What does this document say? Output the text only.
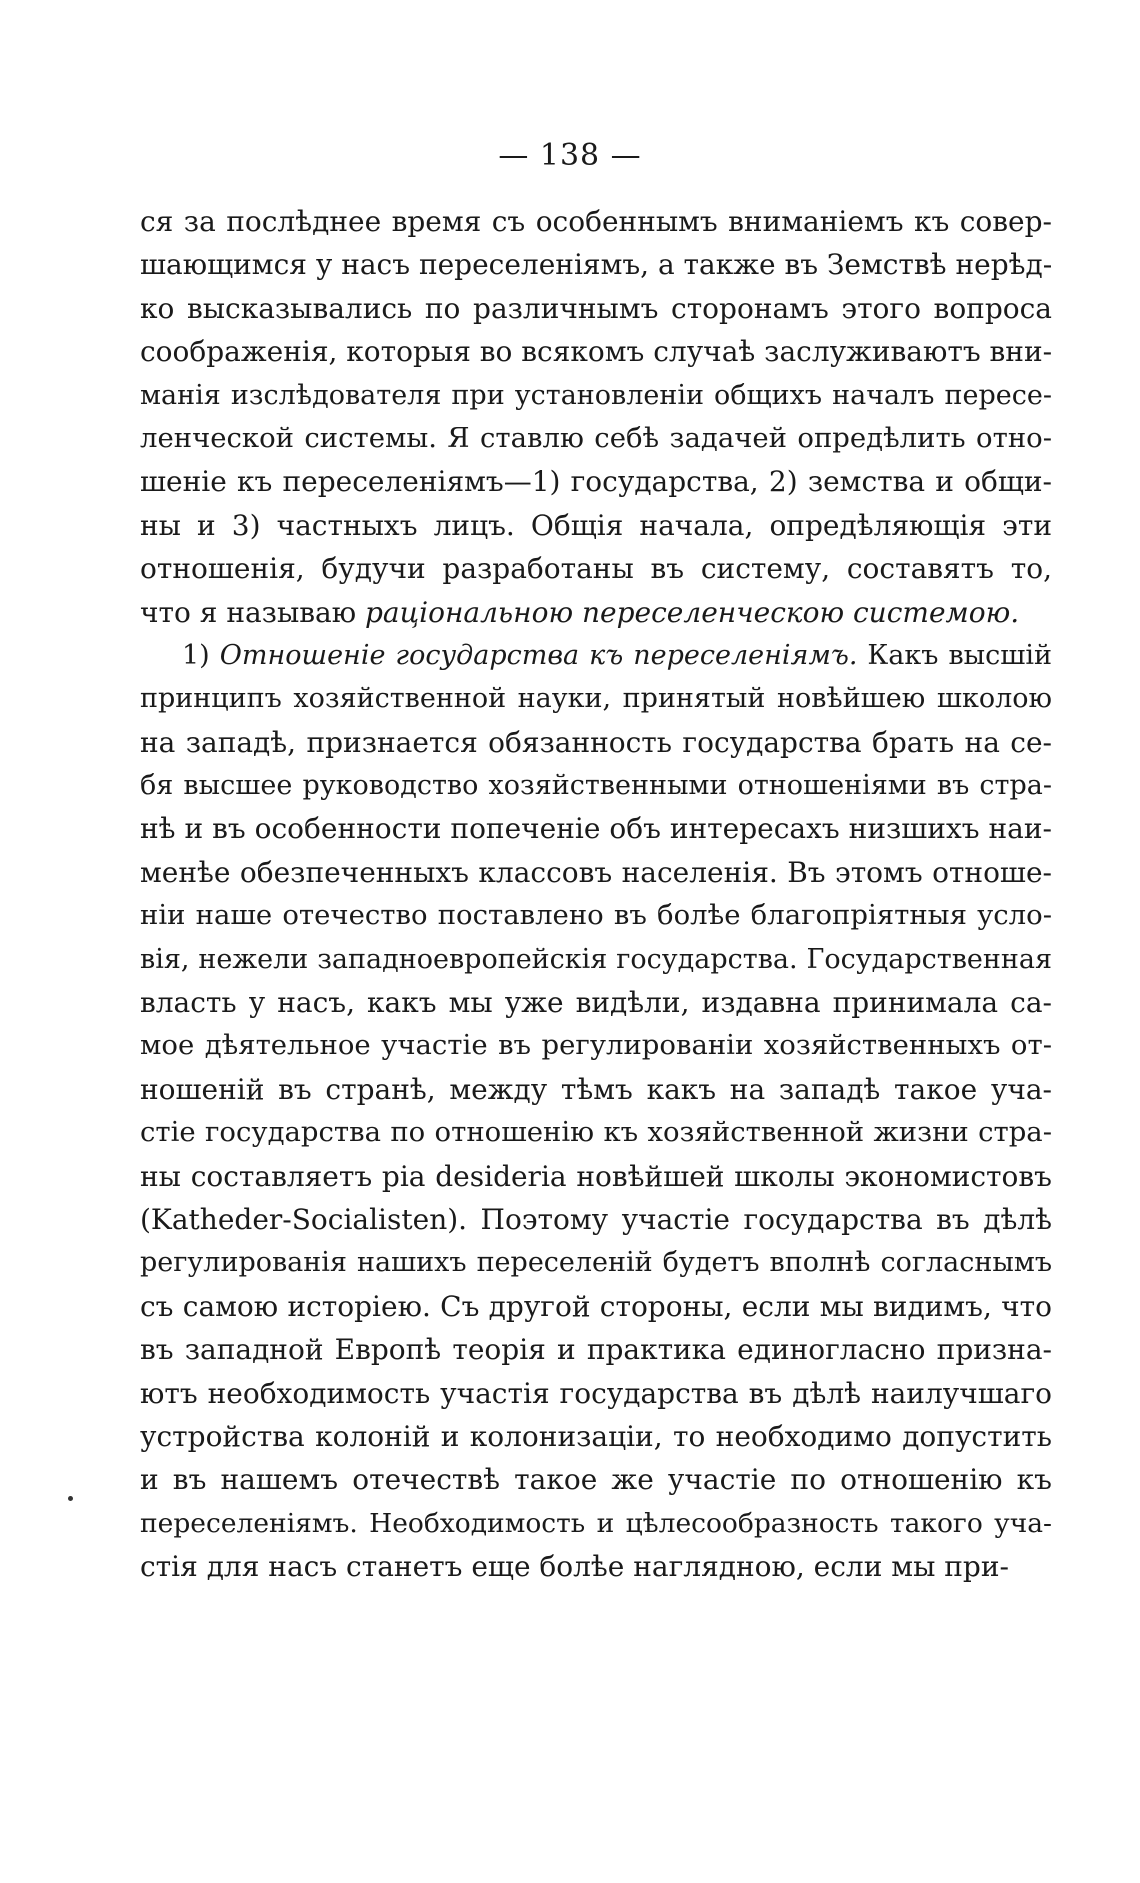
— 138 —
ся за послѣднее время съ особеннымъ вниманіемъ къ совер-
шающимся у насъ переселеніямъ, а также въ Земствѣ нерѣд-
ко высказывались по различнымъ сторонамъ этого вопроса
соображенія, которыя во всякомъ случаѣ заслуживаютъ вни-
манія изслѣдователя при установленіи общихъ началъ пересе-
ленческой системы. Я ставлю себѣ задачей опредѣлить отно-
шеніе къ переселеніямъ—1) государства, 2) земства и общи-
ны и 3) частныхъ лицъ. Общія начала, опредѣляющія эти
отношенія, будучи разработаны въ систему, составятъ то,
что я называю раціональною переселенческою системою.
1) Отношеніе государства къ переселеніямъ. Какъ высшій
принципъ хозяйственной науки, принятый новѣйшею школою
на западѣ, признается обязанность государства брать на се-
бя высшее руководство хозяйственными отношеніями въ стра-
нѣ и въ особенности попеченіе объ интересахъ низшихъ наи-
менѣе обезпеченныхъ классовъ населенія. Въ этомъ отноше-
ніи наше отечество поставлено въ болѣе благопріятныя усло-
вія, нежели западноевропейскія государства. Государственная
власть у насъ, какъ мы уже видѣли, издавна принимала са-
мое дѣятельное участіе въ регулированіи хозяйственныхъ от-
ношеній въ странѣ, между тѣмъ какъ на западѣ такое уча-
стіе государства по отношенію къ хозяйственной жизни стра-
ны составляетъ pia desideria новѣйшей школы экономистовъ
(Katheder-Socialisten). Поэтому участіе государства въ дѣлѣ
регулированія нашихъ переселеній будетъ вполнѣ согласнымъ
съ самою исторіею. Съ другой стороны, если мы видимъ, что
въ западной Европѣ теорія и практика единогласно призна-
ютъ необходимость участія государства въ дѣлѣ наилучшаго
устройства колоній и колонизаціи, то необходимо допустить
и въ нашемъ отечествѣ такое же участіе по отношенію къ
переселеніямъ. Необходимость и цѣлесообразность такого уча-
стія для насъ станетъ еще болѣе наглядною, если мы при-
